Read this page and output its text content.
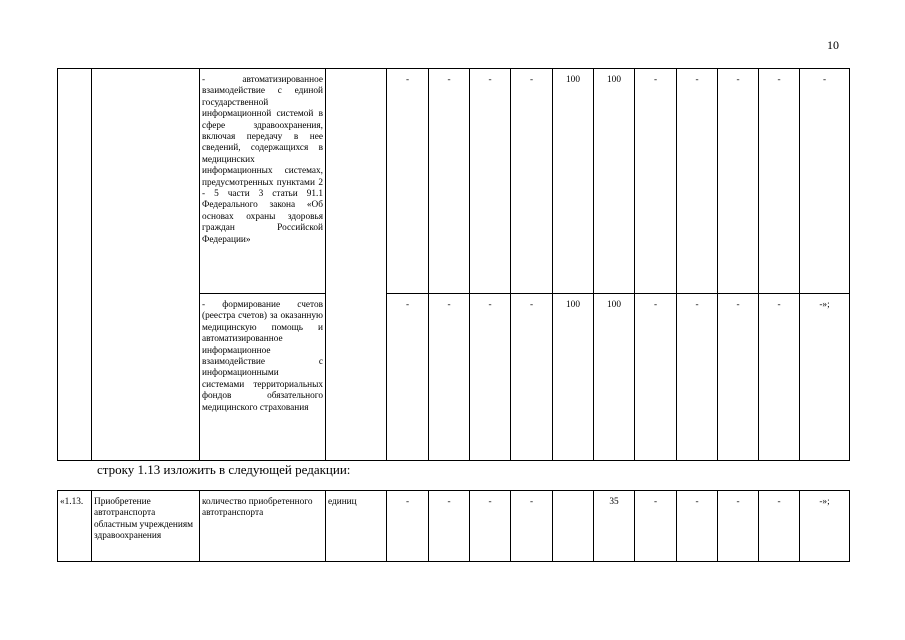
10
		- автоматизированное взаимодействие с единой государственной информационной системой в сфере здравоохранения, включая передачу в нее сведений, содержащихся в медицинских информационных системах, предусмотренных пунктами 2 - 5 части 3 статьи 91.1 Федерального закона «Об основах охраны здоровья граждан Российской Федерации»		-	-	-	-	100	100	-	-	-	-	-
		- формирование счетов (реестра счетов) за оказанную медицинскую помощь и автоматизированное информационное взаимодействие с информационными системами территориальных фондов обязательного медицинского страхования		-	-	-	-	100	100	-	-	-	-	-»;
строку 1.13 изложить в следующей редакции:
«1.13.	Приобретение автотранспорта областным учреждениям здравоохранения	количество приобретенного автотранспорта	единиц	-	-	-	-		35	-	-	-	-	-»;
